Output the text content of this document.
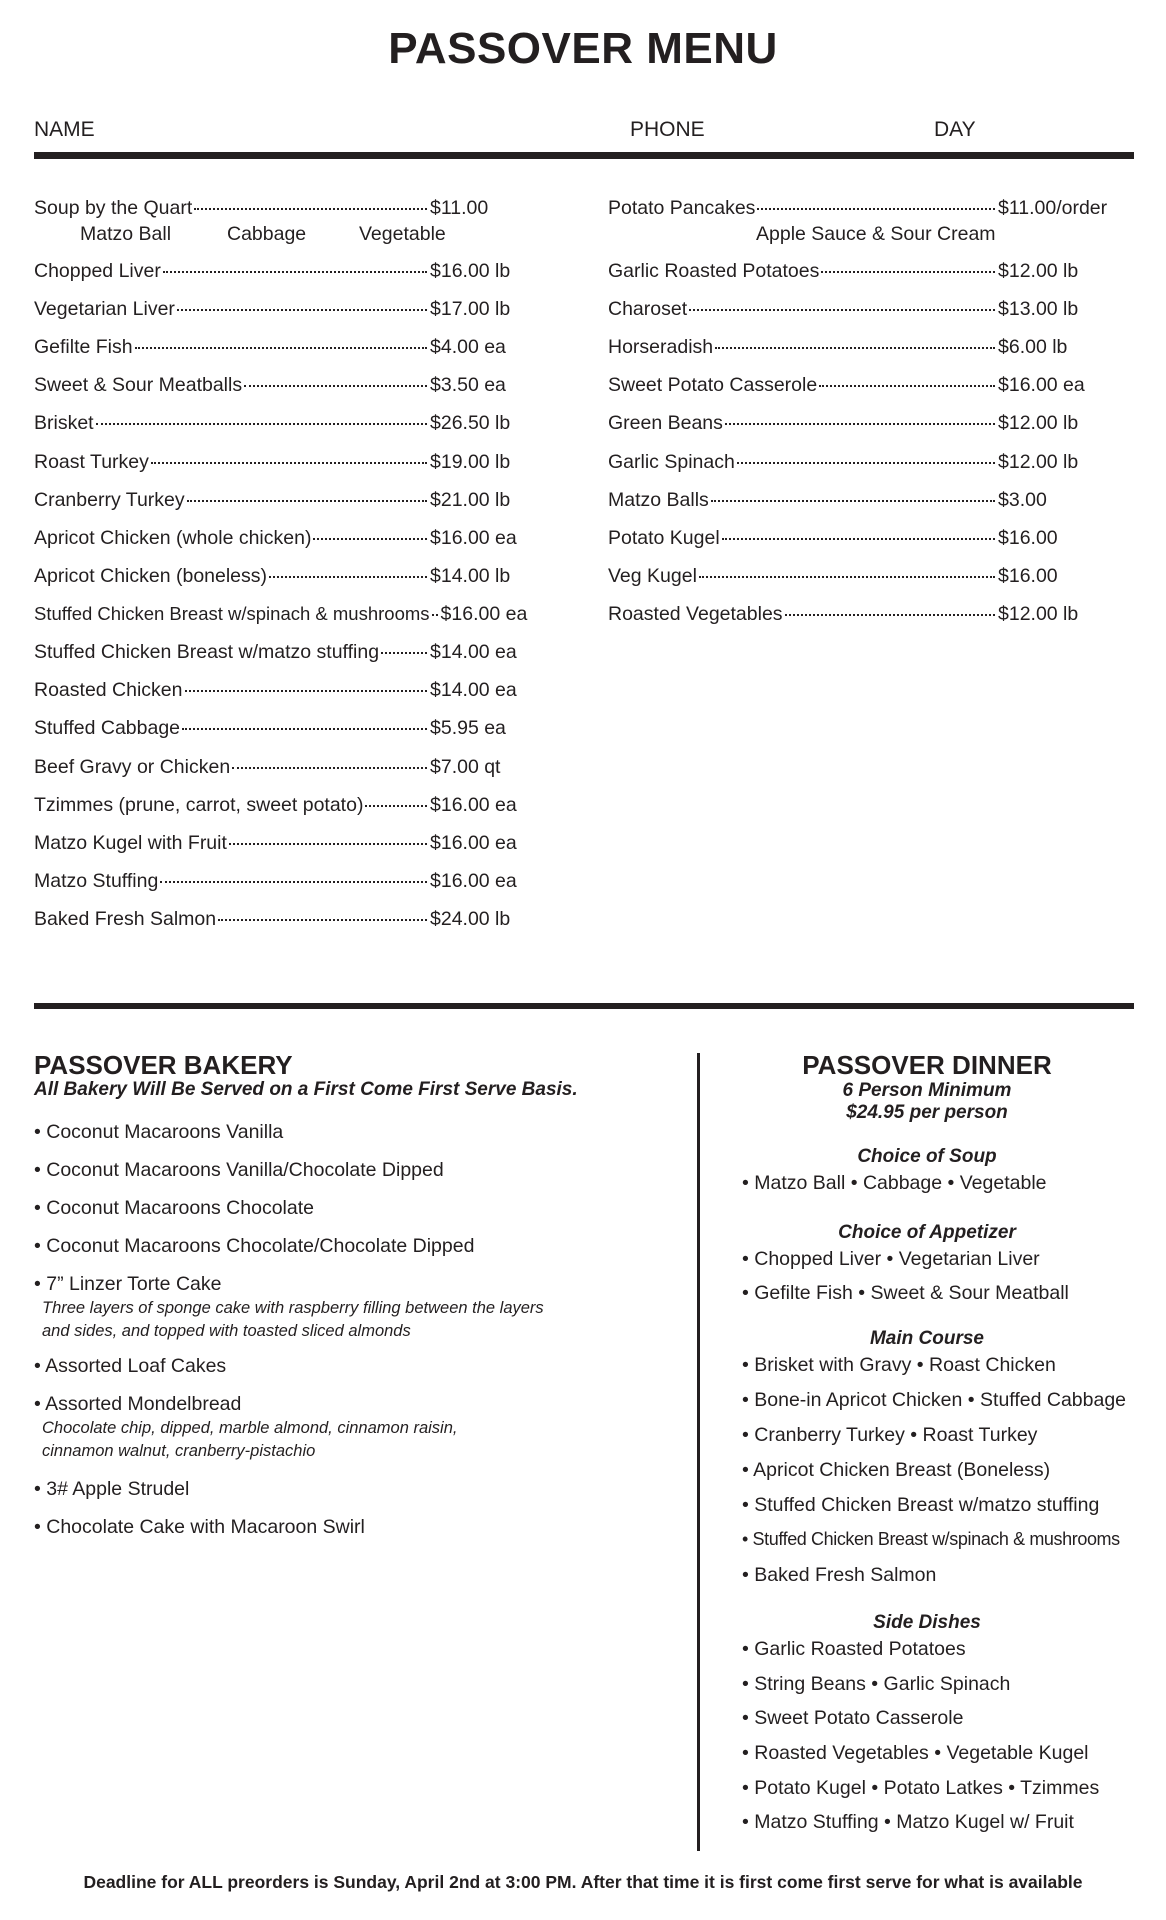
PASSOVER MENU
NAME	PHONE	DAY
Soup by the Quart	$11.00
Matzo Ball	Cabbage	Vegetable
Chopped Liver	$16.00 lb
Vegetarian Liver	$17.00 lb
Gefilte Fish	$4.00 ea
Sweet & Sour Meatballs	$3.50 ea
Brisket	$26.50 lb
Roast Turkey	$19.00 lb
Cranberry Turkey	$21.00 lb
Apricot Chicken (whole chicken)	$16.00 ea
Apricot Chicken (boneless)	$14.00 lb
Stuffed Chicken Breast w/spinach & mushrooms $16.00 ea
Stuffed Chicken Breast w/matzo stuffing	$14.00 ea
Roasted Chicken	$14.00 ea
Stuffed Cabbage	$5.95 ea
Beef Gravy or Chicken	$7.00 qt
Tzimmes (prune, carrot, sweet potato)	$16.00 ea
Matzo Kugel with Fruit	$16.00 ea
Matzo Stuffing	$16.00 ea
Baked Fresh Salmon	$24.00 lb
Potato Pancakes	$11.00/order
Apple Sauce & Sour Cream
Garlic Roasted Potatoes	$12.00 lb
Charoset	$13.00 lb
Horseradish	$6.00 lb
Sweet Potato Casserole	$16.00 ea
Green Beans	$12.00 lb
Garlic Spinach	$12.00 lb
Matzo Balls	$3.00
Potato Kugel	$16.00
Veg Kugel	$16.00
Roasted Vegetables	$12.00 lb
PASSOVER BAKERY
All Bakery Will Be Served on a First Come First Serve Basis.
• Coconut Macaroons Vanilla
• Coconut Macaroons Vanilla/Chocolate Dipped
• Coconut Macaroons Chocolate
• Coconut Macaroons Chocolate/Chocolate Dipped
• 7” Linzer Torte Cake
Three layers of sponge cake with raspberry filling between the layers
and sides, and topped with toasted sliced almonds
• Assorted Loaf Cakes
• Assorted Mondelbread
Chocolate chip, dipped, marble almond, cinnamon raisin,
cinnamon walnut, cranberry-pistachio
• 3# Apple Strudel
• Chocolate Cake with Macaroon Swirl
PASSOVER DINNER
6 Person Minimum
$24.95 per person
Choice of Soup
• Matzo Ball • Cabbage • Vegetable
Choice of Appetizer
• Chopped Liver • Vegetarian Liver
• Gefilte Fish • Sweet & Sour Meatball
Main Course
• Brisket with Gravy • Roast Chicken
• Bone-in Apricot Chicken • Stuffed Cabbage
• Cranberry Turkey • Roast Turkey
• Apricot Chicken Breast (Boneless)
• Stuffed Chicken Breast w/matzo stuffing
• Stuffed Chicken Breast w/spinach & mushrooms
• Baked Fresh Salmon
Side Dishes
• Garlic Roasted Potatoes
• String Beans • Garlic Spinach
• Sweet Potato Casserole
• Roasted Vegetables • Vegetable Kugel
• Potato Kugel • Potato Latkes • Tzimmes
• Matzo Stuffing • Matzo Kugel w/ Fruit
Deadline for ALL preorders is Sunday, April 2nd at 3:00 PM. After that time it is first come first serve for what is available
